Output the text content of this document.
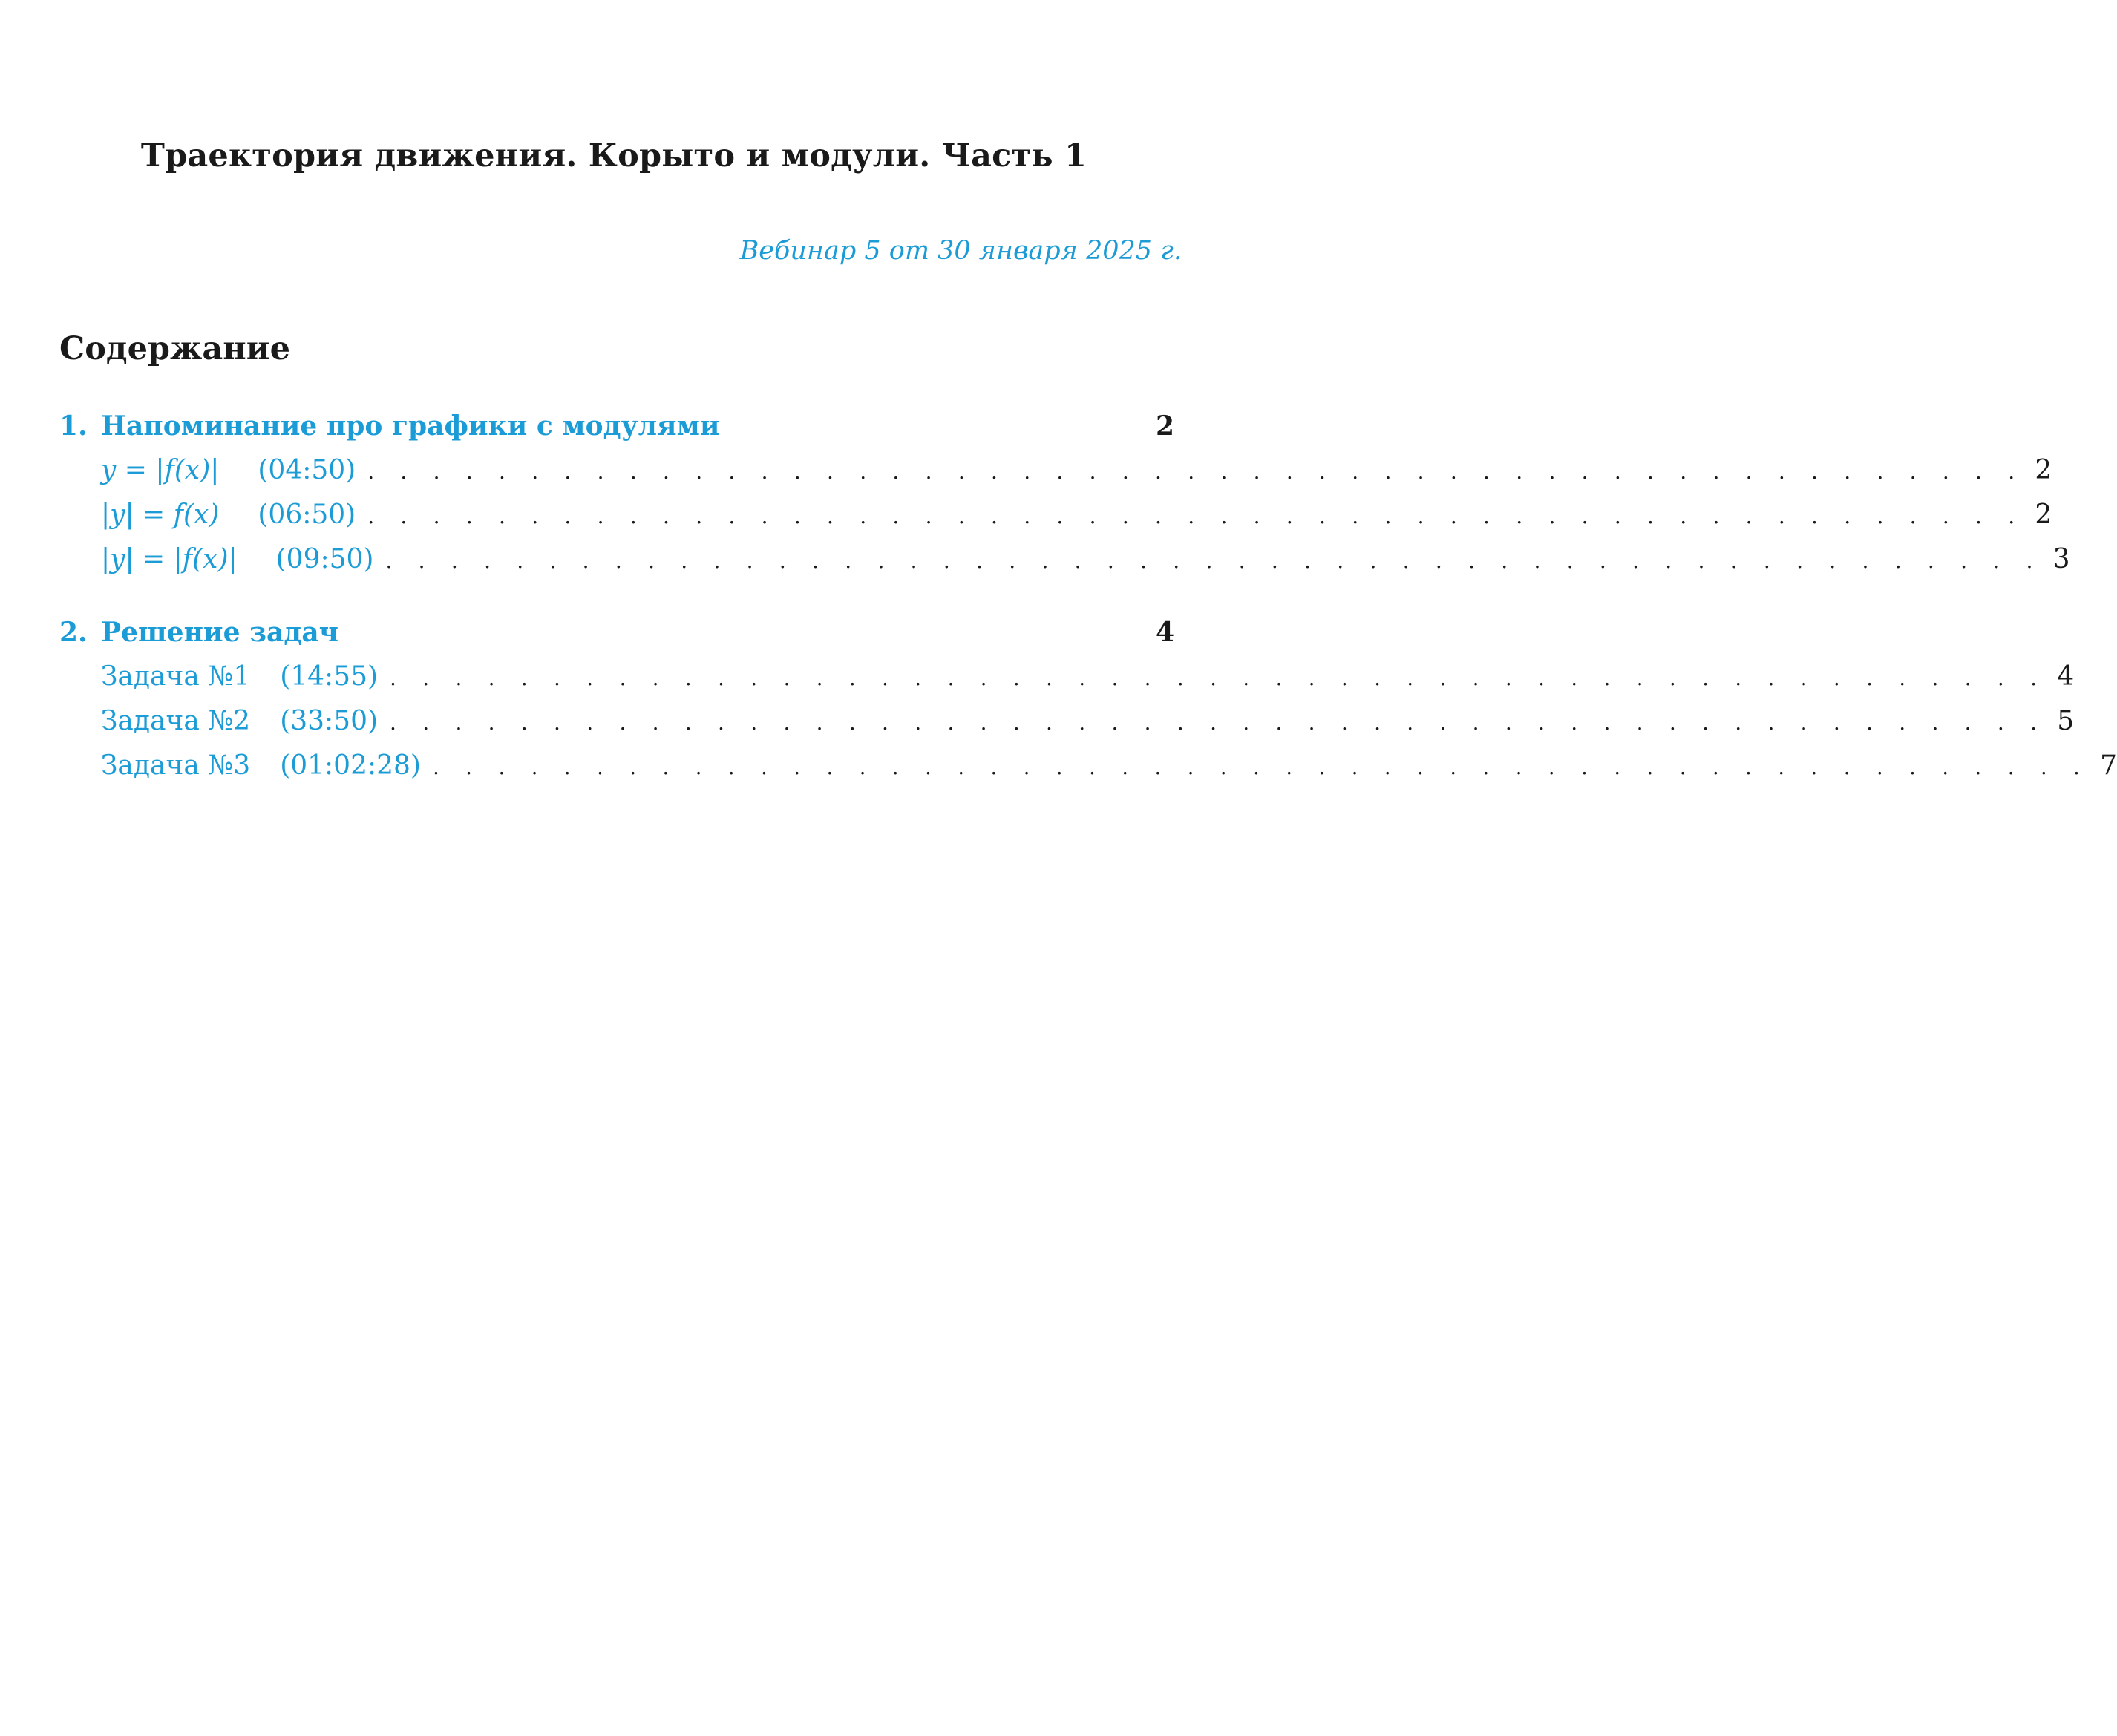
Траектория движения. Корыто и модули. Часть 1
Вебинар 5 от 30 января 2025 г.
Содержание
1. Напоминание про графики с модулями	2
y = |f(x)| (04:50) . . . . . . . . . . . . . . . . . . . . . . . . . . . . . . . . . . . . . . . . . . . . . . . . . . . 2
|y| = f(x) (06:50) . . . . . . . . . . . . . . . . . . . . . . . . . . . . . . . . . . . . . . . . . . . . . . . . . . . 2
|y| = |f(x)| (09:50) . . . . . . . . . . . . . . . . . . . . . . . . . . . . . . . . . . . . . . . . . . . . . . . . . . . 3
2. Решение задач	4
Задача №1 (14:55) . . . . . . . . . . . . . . . . . . . . . . . . . . . . . . . . . . . . . . . . . . . . . . . . . . . 4
Задача №2 (33:50) . . . . . . . . . . . . . . . . . . . . . . . . . . . . . . . . . . . . . . . . . . . . . . . . . . . 5
Задача №3 (01:02:28) . . . . . . . . . . . . . . . . . . . . . . . . . . . . . . . . . . . . . . . . . . . . . . . . . . . 7
